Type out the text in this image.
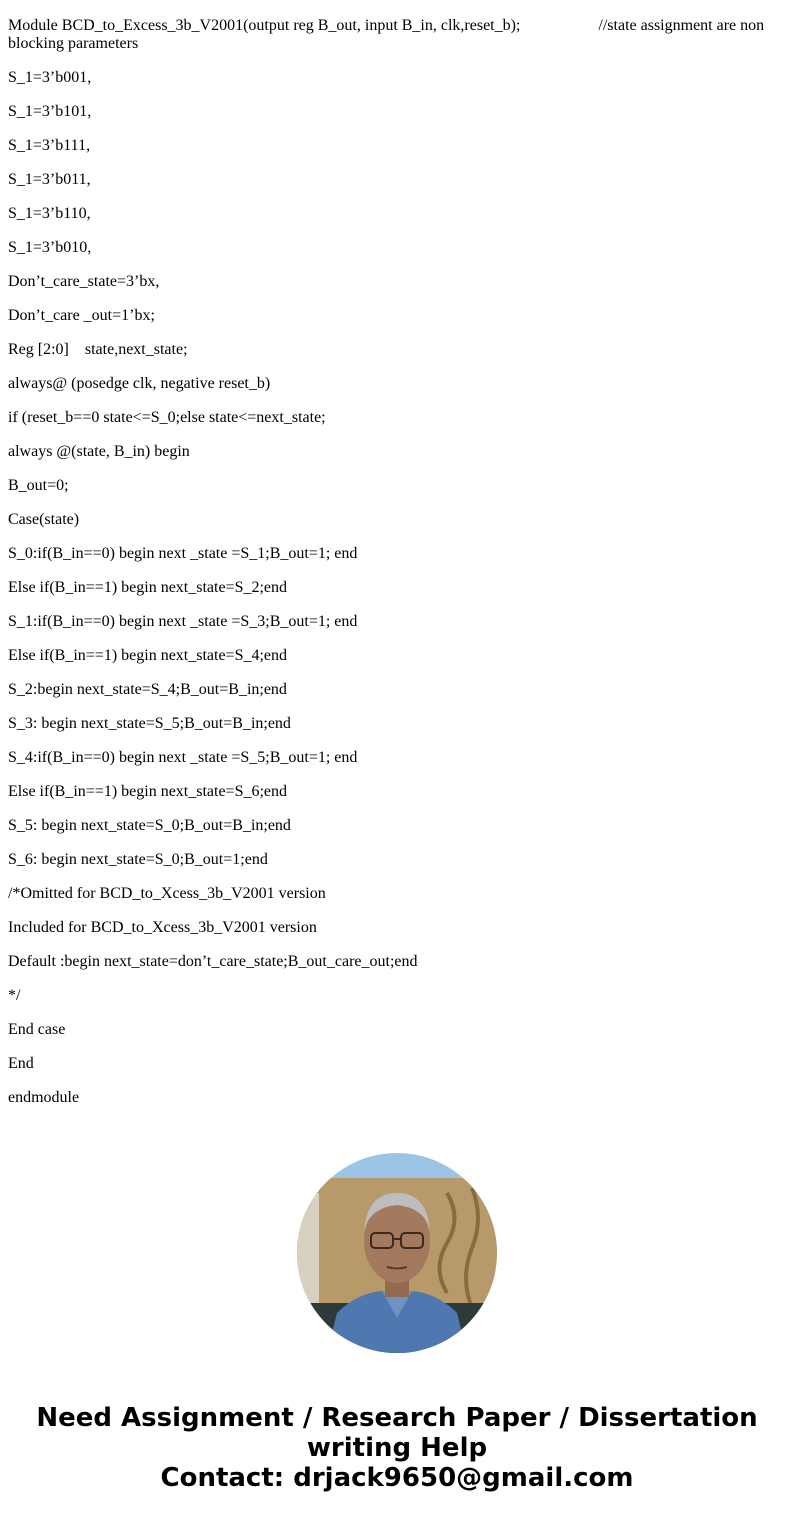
Module BCD_to_Excess_3b_V2001(output reg B_out, input B_in, clk,reset_b);	//state assignment are non
blocking parameters

S_1=3’b001,

S_1=3’b101,

S_1=3’b111,

S_1=3’b011,

S_1=3’b110,

S_1=3’b010,

Don’t_care_state=3’bx,

Don’t_care _out=1’bx;

Reg [2:0]    state,next_state;

always@ (posedge clk, negative reset_b)

if (reset_b==0 state<=S_0;else state<=next_state;

always @(state, B_in) begin

B_out=0;

Case(state)

S_0:if(B_in==0) begin next _state =S_1;B_out=1; end

Else if(B_in==1) begin next_state=S_2;end

S_1:if(B_in==0) begin next _state =S_3;B_out=1; end

Else if(B_in==1) begin next_state=S_4;end

S_2:begin next_state=S_4;B_out=B_in;end

S_3: begin next_state=S_5;B_out=B_in;end

S_4:if(B_in==0) begin next _state =S_5;B_out=1; end

Else if(B_in==1) begin next_state=S_6;end

S_5: begin next_state=S_0;B_out=B_in;end

S_6: begin next_state=S_0;B_out=1;end

/*Omitted for BCD_to_Xcess_3b_V2001 version

Included for BCD_to_Xcess_3b_V2001 version

Default :begin next_state=don’t_care_state;B_out_care_out;end

*/

End case

End

endmodule

Need Assignment / Research Paper / Dissertation
writing Help
Contact: drjack9650@gmail.com
